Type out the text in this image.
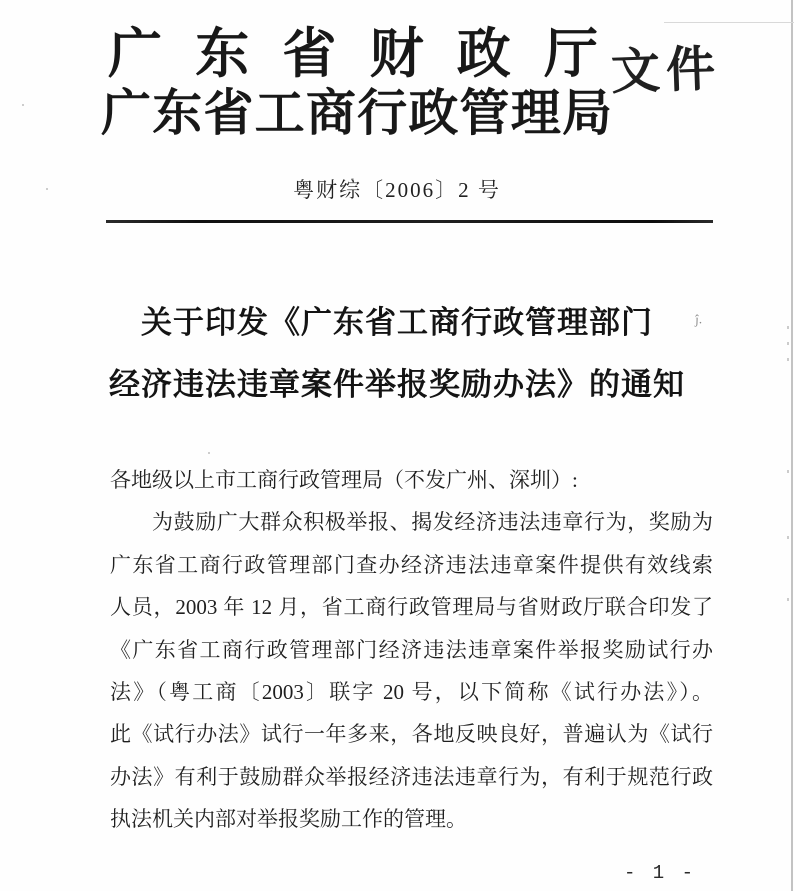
ĵ.
广东省财政厅
广东省工商行政管理局
文件
粤财综〔2006〕2 号
关于印发《广东省工商行政管理部门
经济违法违章案件举报奖励办法》的通知
各地级以上市工商行政管理局（不发广州、深圳）:
为鼓励广大群众积极举报、揭发经济违法违章行为，奖励为
广东省工商行政管理部门查办经济违法违章案件提供有效线索
人员，2003 年 12 月，省工商行政管理局与省财政厅联合印发了
《广东省工商行政管理部门经济违法违章案件举报奖励试行办
法》（粤工商〔2003〕联字 20 号，以下简称《试行办法》）。
此《试行办法》试行一年多来，各地反映良好，普遍认为《试行
办法》有利于鼓励群众举报经济违法违章行为，有利于规范行政
执法机关内部对举报奖励工作的管理。
- 1 -
